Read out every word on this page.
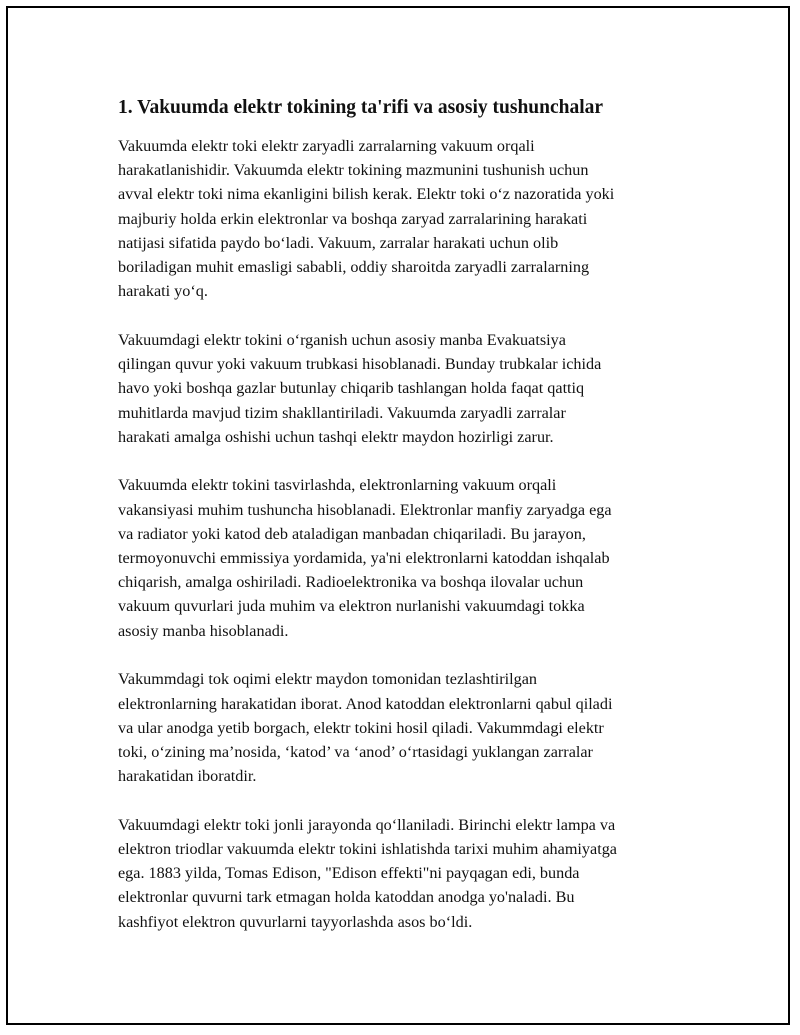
1. Vakuumda elektr tokining ta'rifi va asosiy tushunchalar

Vakuumda elektr toki elektr zaryadli zarralarning vakuum orqali
harakatlanishidir. Vakuumda elektr tokining mazmunini tushunish uchun
avval elektr toki nima ekanligini bilish kerak. Elektr toki o‘z nazoratida yoki
majburiy holda erkin elektronlar va boshqa zaryad zarralarining harakati
natijasi sifatida paydo bo‘ladi. Vakuum, zarralar harakati uchun olib
boriladigan muhit emasligi sababli, oddiy sharoitda zaryadli zarralarning
harakati yo‘q.

Vakuumdagi elektr tokini o‘rganish uchun asosiy manba Evakuatsiya
qilingan quvur yoki vakuum trubkasi hisoblanadi. Bunday trubkalar ichida
havo yoki boshqa gazlar butunlay chiqarib tashlangan holda faqat qattiq
muhitlarda mavjud tizim shakllantiriladi. Vakuumda zaryadli zarralar
harakati amalga oshishi uchun tashqi elektr maydon hozirligi zarur.

Vakuumda elektr tokini tasvirlashda, elektronlarning vakuum orqali
vakansiyasi muhim tushuncha hisoblanadi. Elektronlar manfiy zaryadga ega
va radiator yoki katod deb ataladigan manbadan chiqariladi. Bu jarayon,
termoyonuvchi emmissiya yordamida, ya'ni elektronlarni katoddan ishqalab
chiqarish, amalga oshiriladi. Radioelektronika va boshqa ilovalar uchun
vakuum quvurlari juda muhim va elektron nurlanishi vakuumdagi tokka
asosiy manba hisoblanadi.

Vakummdagi tok oqimi elektr maydon tomonidan tezlashtirilgan
elektronlarning harakatidan iborat. Anod katoddan elektronlarni qabul qiladi
va ular anodga yetib borgach, elektr tokini hosil qiladi. Vakummdagi elektr
toki, o‘zining ma’nosida, ‘katod’ va ‘anod’ o‘rtasidagi yuklangan zarralar
harakatidan iboratdir.

Vakuumdagi elektr toki jonli jarayonda qo‘llaniladi. Birinchi elektr lampa va
elektron triodlar vakuumda elektr tokini ishlatishda tarixi muhim ahamiyatga
ega. 1883 yilda, Tomas Edison, "Edison effekti"ni payqagan edi, bunda
elektronlar quvurni tark etmagan holda katoddan anodga yo'naladi. Bu
kashfiyot elektron quvurlarni tayyorlashda asos bo‘ldi.
